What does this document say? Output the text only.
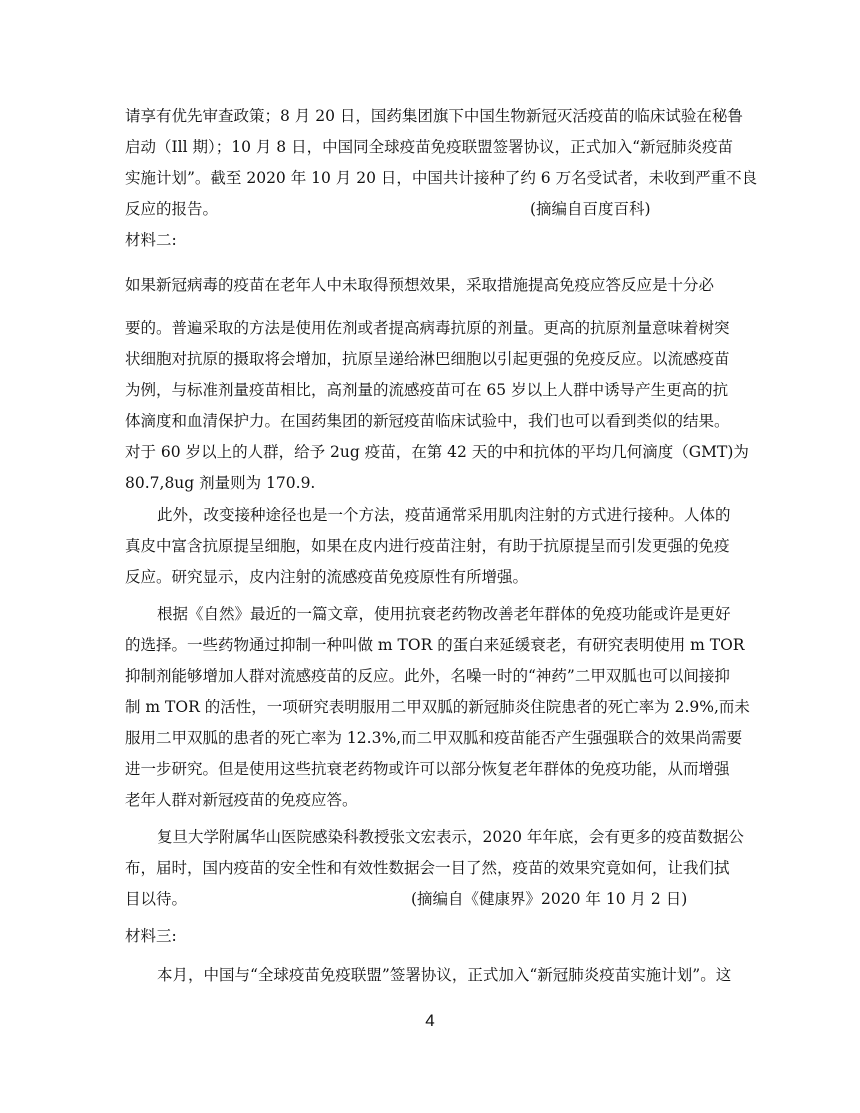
请享有优先审查政策；8 月 20 日，国药集团旗下中国生物新冠灭活疫苗的临床试验在秘鲁
启动（Ill 期）；10 月 8 日，中国同全球疫苗免疫联盟签署协议，正式加入“新冠肺炎疫苗
实施计划”。截至 2020 年 10 月 20 日，中国共计接种了约 6 万名受试者，未收到严重不良
反应的报告。	(摘编自百度百科)
材料二:
如果新冠病毒的疫苗在老年人中未取得预想效果，采取措施提高免疫应答反应是十分必
要的。普遍采取的方法是使用佐剂或者提高病毒抗原的剂量。更高的抗原剂量意味着树突
状细胞对抗原的摄取将会增加，抗原呈递给淋巴细胞以引起更强的免疫反应。以流感疫苗
为例，与标准剂量疫苗相比，高剂量的流感疫苗可在 65 岁以上人群中诱导产生更高的抗
体滴度和血清保护力。在国药集团的新冠疫苗临床试验中，我们也可以看到类似的结果。
对于 60 岁以上的人群，给予 2ug 疫苗，在第 42 天的中和抗体的平均几何滴度（GMT)为
80.7,8ug 剂量则为 170.9.
此外，改变接种途径也是一个方法，疫苗通常采用肌肉注射的方式进行接种。人体的
真皮中富含抗原提呈细胞，如果在皮内进行疫苗注射，有助于抗原提呈而引发更强的免疫
反应。研究显示，皮内注射的流感疫苗免疫原性有所增强。
根据《自然》最近的一篇文章，使用抗衰老药物改善老年群体的免疫功能或许是更好
的选择。一些药物通过抑制一种叫做 m TOR 的蛋白来延缓衰老，有研究表明使用 m TOR
抑制剂能够增加人群对流感疫苗的反应。此外，名噪一时的“神药”二甲双胍也可以间接抑
制 m TOR 的活性，一项研究表明服用二甲双胍的新冠肺炎住院患者的死亡率为 2.9%,而未
服用二甲双胍的患者的死亡率为 12.3%,而二甲双胍和疫苗能否产生强强联合的效果尚需要
进一步研究。但是使用这些抗衰老药物或许可以部分恢复老年群体的免疫功能，从而增强
老年人群对新冠疫苗的免疫应答。
复旦大学附属华山医院感染科教授张文宏表示，2020 年年底，会有更多的疫苗数据公
布，届时，国内疫苗的安全性和有效性数据会一目了然，疫苗的效果究竟如何，让我们拭
目以待。	(摘编自《健康界》2020 年 10 月 2 日)
材料三:
本月，中国与“全球疫苗免疫联盟”签署协议，正式加入“新冠肺炎疫苗实施计划”。这
4
